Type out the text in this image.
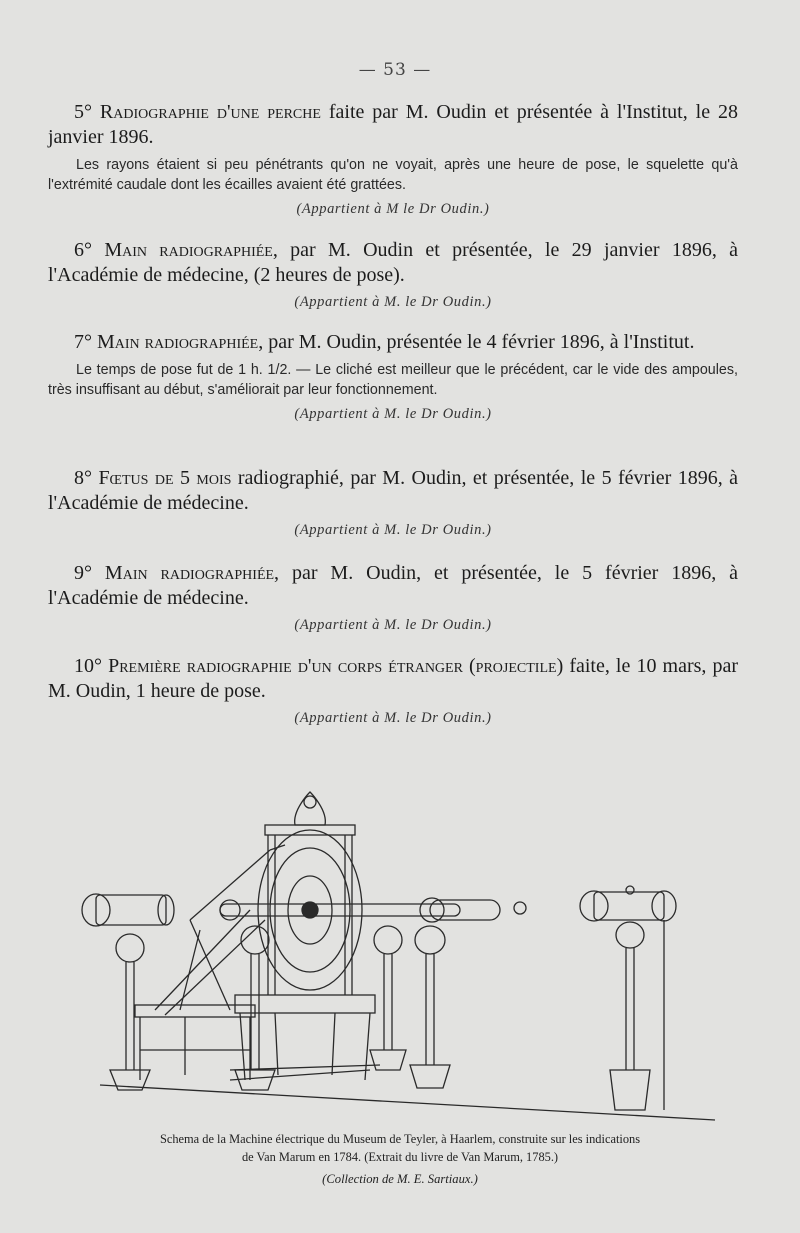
— 53 —

5° Radiographie d'une perche faite par M. Oudin et présentée à l'Institut, le 28 janvier 1896.

Les rayons étaient si peu pénétrants qu'on ne voyait, après une heure de pose, le squelette qu'à l'extrémité caudale dont les écailles avaient été grattées.

(Appartient à M le Dr Oudin.)

6° Main radiographiée, par M. Oudin et présentée, le 29 janvier 1896, à l'Académie de médecine, (2 heures de pose).

(Appartient à M. le Dr Oudin.)

7° Main radiographiée, par M. Oudin, présentée le 4 février 1896, à l'Institut.

Le temps de pose fut de 1 h. 1/2. — Le cliché est meilleur que le précédent, car le vide des ampoules, très insuffisant au début, s'améliorait par leur fonctionnement.

(Appartient à M. le Dr Oudin.)

8° Fœtus de 5 mois radiographié, par M. Oudin, et présentée, le 5 février 1896, à l'Académie de médecine.

(Appartient à M. le Dr Oudin.)

9° Main radiographiée, par M. Oudin, et présentée, le 5 février 1896, à l'Académie de médecine.

(Appartient à M. le Dr Oudin.)

10° Première radiographie d'un corps étranger (projectile) faite, le 10 mars, par M. Oudin, 1 heure de pose.

(Appartient à M. le Dr Oudin.)

Schema de la Machine électrique du Museum de Teyler, à Haarlem, construite sur les indications
de Van Marum en 1784. (Extrait du livre de Van Marum, 1785.)
(Collection de M. E. Sartiaux.)
